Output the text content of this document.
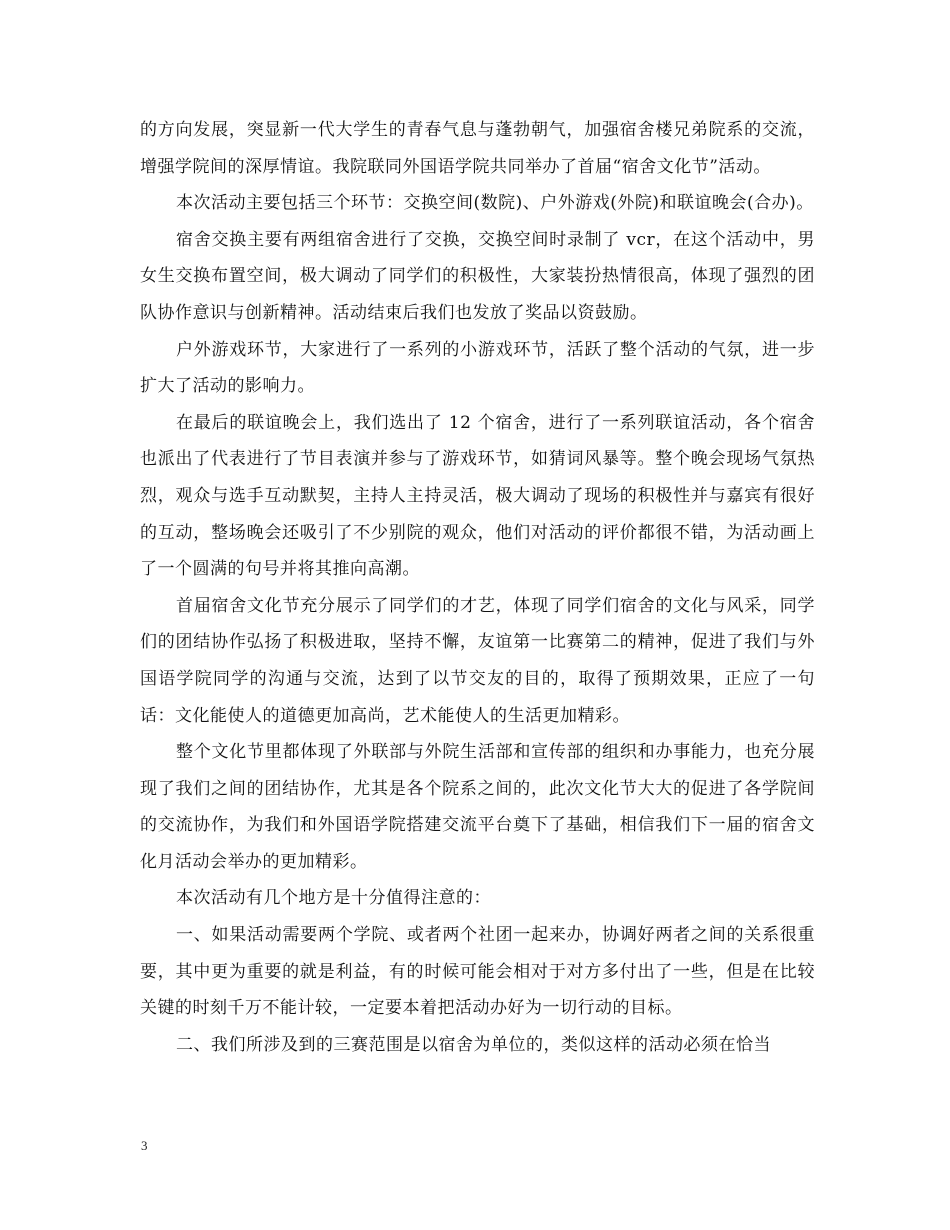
的方向发展，突显新一代大学生的青春气息与蓬勃朝气，加强宿舍楼兄弟院系的交流，增强学院间的深厚情谊。我院联同外国语学院共同举办了首届“宿舍文化节”活动。

本次活动主要包括三个环节：交换空间(数院)、户外游戏(外院)和联谊晚会(合办)。

宿舍交换主要有两组宿舍进行了交换，交换空间时录制了 vcr，在这个活动中，男女生交换布置空间，极大调动了同学们的积极性，大家装扮热情很高，体现了强烈的团队协作意识与创新精神。活动结束后我们也发放了奖品以资鼓励。

户外游戏环节，大家进行了一系列的小游戏环节，活跃了整个活动的气氛，进一步扩大了活动的影响力。

在最后的联谊晚会上，我们选出了 12 个宿舍，进行了一系列联谊活动，各个宿舍也派出了代表进行了节目表演并参与了游戏环节，如猜词风暴等。整个晚会现场气氛热烈，观众与选手互动默契，主持人主持灵活，极大调动了现场的积极性并与嘉宾有很好的互动，整场晚会还吸引了不少别院的观众，他们对活动的评价都很不错，为活动画上了一个圆满的句号并将其推向高潮。

首届宿舍文化节充分展示了同学们的才艺，体现了同学们宿舍的文化与风采，同学们的团结协作弘扬了积极进取，坚持不懈，友谊第一比赛第二的精神，促进了我们与外国语学院同学的沟通与交流，达到了以节交友的目的，取得了预期效果，正应了一句话：文化能使人的道德更加高尚，艺术能使人的生活更加精彩。

整个文化节里都体现了外联部与外院生活部和宣传部的组织和办事能力，也充分展现了我们之间的团结协作，尤其是各个院系之间的，此次文化节大大的促进了各学院间的交流协作，为我们和外国语学院搭建交流平台奠下了基础，相信我们下一届的宿舍文化月活动会举办的更加精彩。

本次活动有几个地方是十分值得注意的：

一、如果活动需要两个学院、或者两个社团一起来办，协调好两者之间的关系很重要，其中更为重要的就是利益，有的时候可能会相对于对方多付出了一些，但是在比较关键的时刻千万不能计较，一定要本着把活动办好为一切行动的目标。

二、我们所涉及到的三赛范围是以宿舍为单位的，类似这样的活动必须在恰当

3
